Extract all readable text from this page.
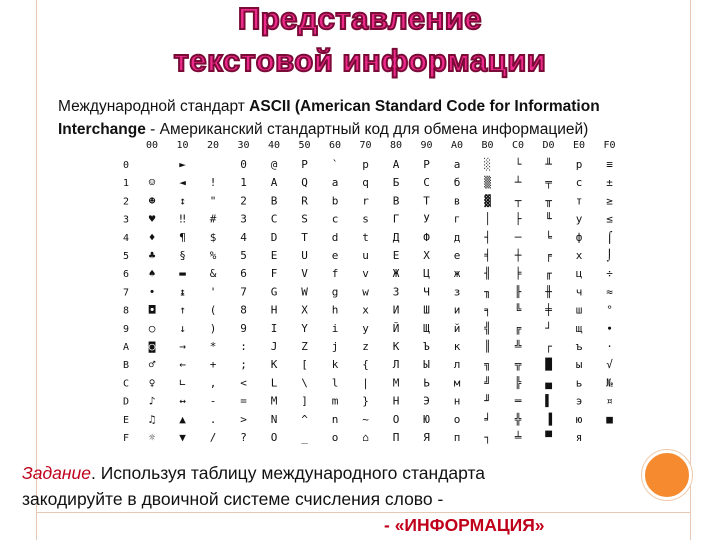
Представление
текстовой информации
Международной стандарт ASCII (American Standard Code for Information
Interchange - Американский стандартный код для обмена информацией)
00 10 20 30 40 50 60 70 80 90 A0 B0 C0 D0 E0 F0
0
1
2
3
4
5
6
7
8
9
A
B
C
D
E
F
►	0 @ P ` p А Р а ░ └ ╨ р ≡
☺ ◄ ! 1 A Q a q Б С б ▒ ┴ ╤ с ±
☻ ↕ " 2 B R b r В Т в ▓ ┬ ╥ т ≥
♥ ‼ # 3 C S c s Г У г │ ├ ╙ у ≤
♦ ¶ $ 4 D T d t Д Ф д ┤ ─ ╘ ф ⌠
♣ § % 5 E U e u Е Х е ╡ ┼ ╒ х ⌡
♠ ▬ & 6 F V f v Ж Ц ж ╢ ╞ ╓ ц ÷
• ↨ ' 7 G W g w З Ч з ╖ ╟ ╫ ч ≈
◘ ↑ ( 8 H X h x И Ш и ╕ ╚ ╪ ш °
○ ↓ ) 9 I Y i y Й Щ й ╣ ╔ ┘ щ ∙
◙ → * : J Z j z К Ъ к ║ ╩ ┌ ъ ·
♂ ← + ; K [ k { Л Ы л ╗ ╦ █ ы √
♀ ∟ , < L \ l | М Ь м ╝ ╠ ▄ ь №
♪ ↔ - = M ] m } Н Э н ╜ ═ ▌ э ¤
♫ ▲ . > N ^ n ~ О Ю о ╛ ╬ ▐ ю ■
☼ ▼ / ? O _ o ⌂ П Я п ┐ ╧ ▀ я
Задание. Используя таблицу международного стандарта
закодируйте в двоичной системе счисления слово -
- «ИНФОРМАЦИЯ»
